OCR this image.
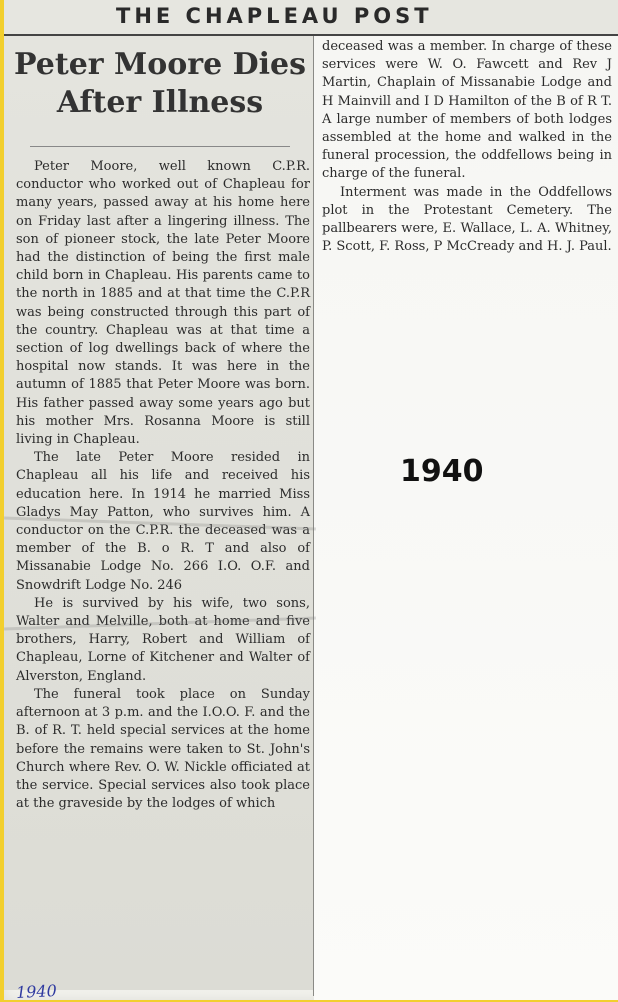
THE CHAPLEAU POST
Peter Moore Dies
After Illness

Peter Moore, well known C.P.R. conductor who worked out of Chapleau for many years, passed away at his home here on Friday last after a lingering illness. The son of pioneer stock, the late Peter Moore had the distinction of being the first male child born in Chapleau. His parents came to the north in 1885 and at that time the C.P.R was being constructed through this part of the country. Chapleau was at that time a section of log dwellings back of where the hospital now stands. It was here in the autumn of 1885 that Peter Moore was born. His father passed away some years ago but his mother Mrs. Rosanna Moore is still living in Chapleau.

The late Peter Moore resided in Chapleau all his life and received his education here. In 1914 he married Miss Gladys May Patton, who survives him. A conductor on the C.P.R. the deceased was a member of the B. o R. T and also of Missanabie Lodge No. 266 I.O. O.F. and Snowdrift Lodge No. 246

He is survived by his wife, two sons, Walter and Melville, both at home and five brothers, Harry, Robert and William of Chapleau, Lorne of Kitchener and Walter of Alverston, England.

The funeral took place on Sunday afternoon at 3 p.m. and the I.O.O. F. and the B. of R. T. held special services at the home before the remains were taken to St. John's Church where Rev. O. W. Nickle officiated at the service. Special services also took place at the graveside by the lodges of which

deceased was a member. In charge of these services were W. O. Fawcett and Rev J Martin, Chaplain of Missanabie Lodge and H Mainvill and I D Hamilton of the B of R T. A large number of members of both lodges assembled at the home and walked in the funeral procession, the oddfellows being in charge of the funeral.

Interment was made in the Oddfellows plot in the Protestant Cemetery. The pallbearers were, E. Wallace, L. A. Whitney, P. Scott, F. Ross, P McCready and H. J. Paul.

1940
1940
